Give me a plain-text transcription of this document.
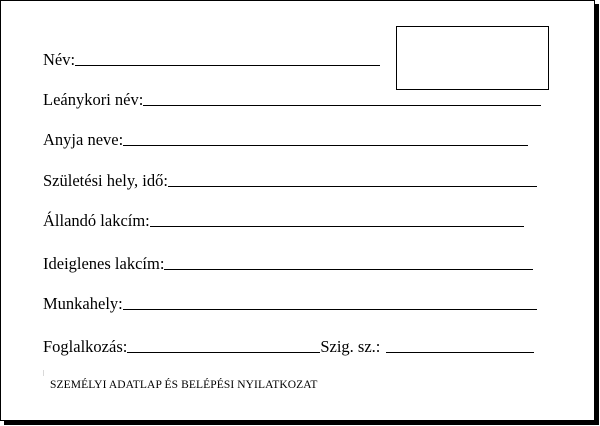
Név:
Leánykori név:
Anyja neve:
Születési hely, idő:
Állandó lakcím:
Ideiglenes lakcím:
Munkahely:
Foglalkozás:	Szig. sz.:
SZEMÉLYI ADATLAP ÉS BELÉPÉSI NYILATKOZAT
